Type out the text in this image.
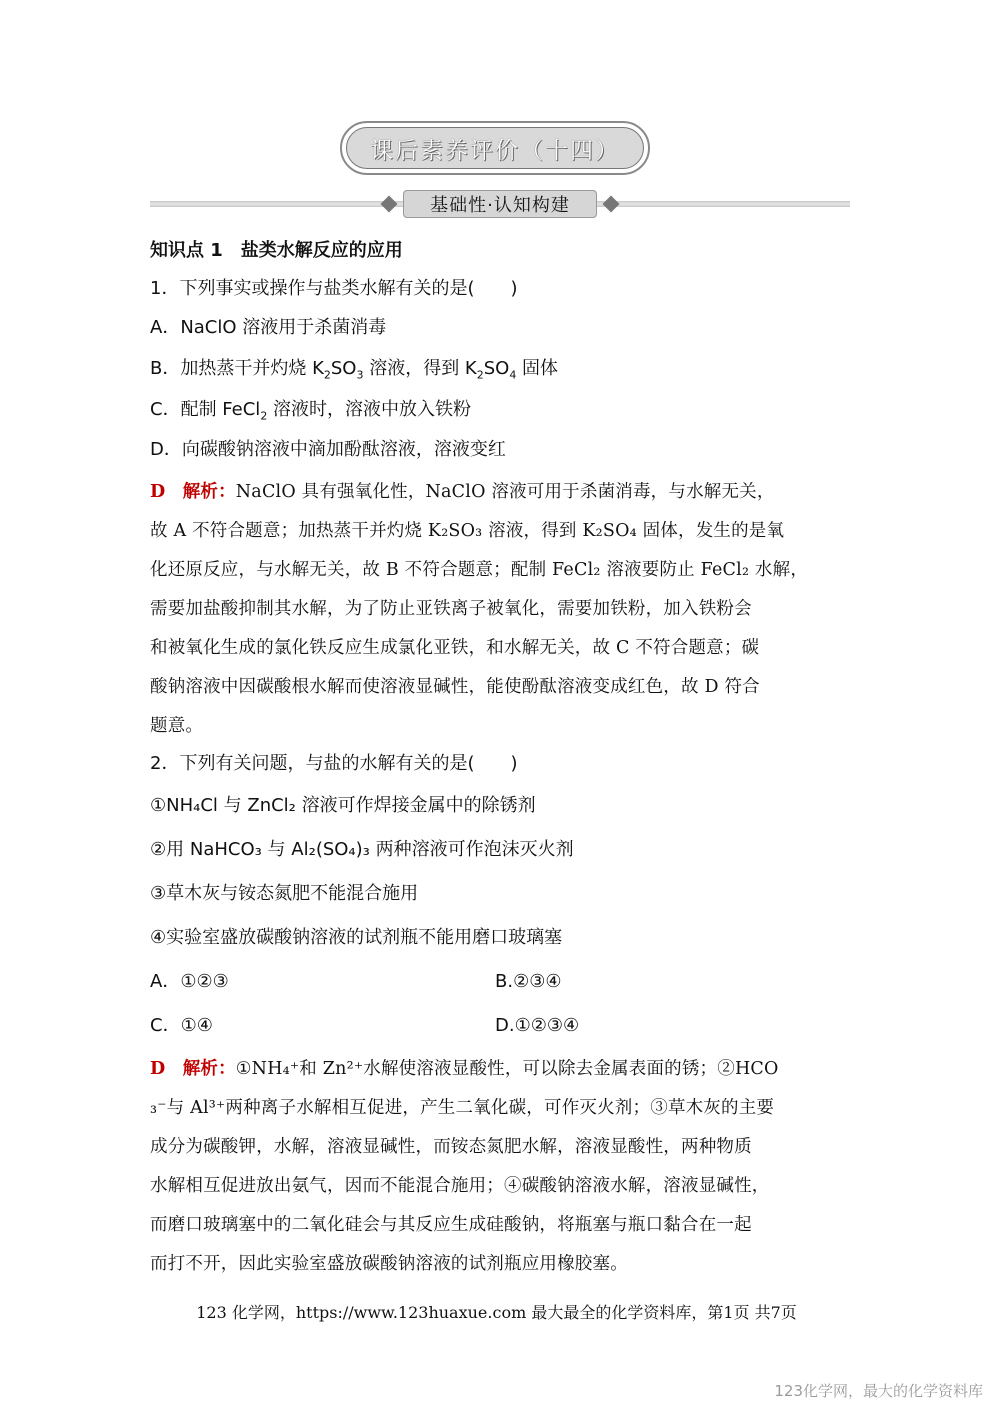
课后素养评价（十四）
基础性·认知构建
知识点 1　盐类水解反应的应用
1．下列事实或操作与盐类水解有关的是(　　)
A．NaClO 溶液用于杀菌消毒
B．加热蒸干并灼烧 $K_2SO_3$ 溶液，得到 $K_2SO_4$ 固体
C．配制 FeCl$_2$ 溶液时，溶液中放入铁粉
D．向碳酸钠溶液中滴加酚酞溶液，溶液变红
D 解析：NaClO 具有强氧化性，NaClO 溶液可用于杀菌消毒，与水解无关，
故 A 不符合题意；加热蒸干并灼烧 K₂SO₃ 溶液，得到 K₂SO₄ 固体，发生的是氧
化还原反应，与水解无关，故 B 不符合题意；配制 FeCl₂ 溶液要防止 FeCl₂ 水解，
需要加盐酸抑制其水解，为了防止亚铁离子被氧化，需要加铁粉，加入铁粉会
和被氧化生成的氯化铁反应生成氯化亚铁，和水解无关，故 C 不符合题意；碳
酸钠溶液中因碳酸根水解而使溶液显碱性，能使酚酞溶液变成红色，故 D 符合
题意。
2．下列有关问题，与盐的水解有关的是(　　)
①NH₄Cl 与 ZnCl₂ 溶液可作焊接金属中的除锈剂
②用 NaHCO₃ 与 Al₂(SO₄)₃ 两种溶液可作泡沫灭火剂
③草木灰与铵态氮肥不能混合施用
④实验室盛放碳酸钠溶液的试剂瓶不能用磨口玻璃塞
A．①②③	B.②③④
C．①④	D.①②③④
D 解析：①NH₄⁺和 Zn²⁺水解使溶液显酸性，可以除去金属表面的锈；②HCO
₃⁻与 Al³⁺两种离子水解相互促进，产生二氧化碳，可作灭火剂；③草木灰的主要
成分为碳酸钾，水解，溶液显碱性，而铵态氮肥水解，溶液显酸性，两种物质
水解相互促进放出氨气，因而不能混合施用；④碳酸钠溶液水解，溶液显碱性，
而磨口玻璃塞中的二氧化硅会与其反应生成硅酸钠，将瓶塞与瓶口黏合在一起
而打不开，因此实验室盛放碳酸钠溶液的试剂瓶应用橡胶塞。
123 化学网，https://www.123huaxue.com 最大最全的化学资料库，第1页 共7页
123化学网，最大的化学资料库
